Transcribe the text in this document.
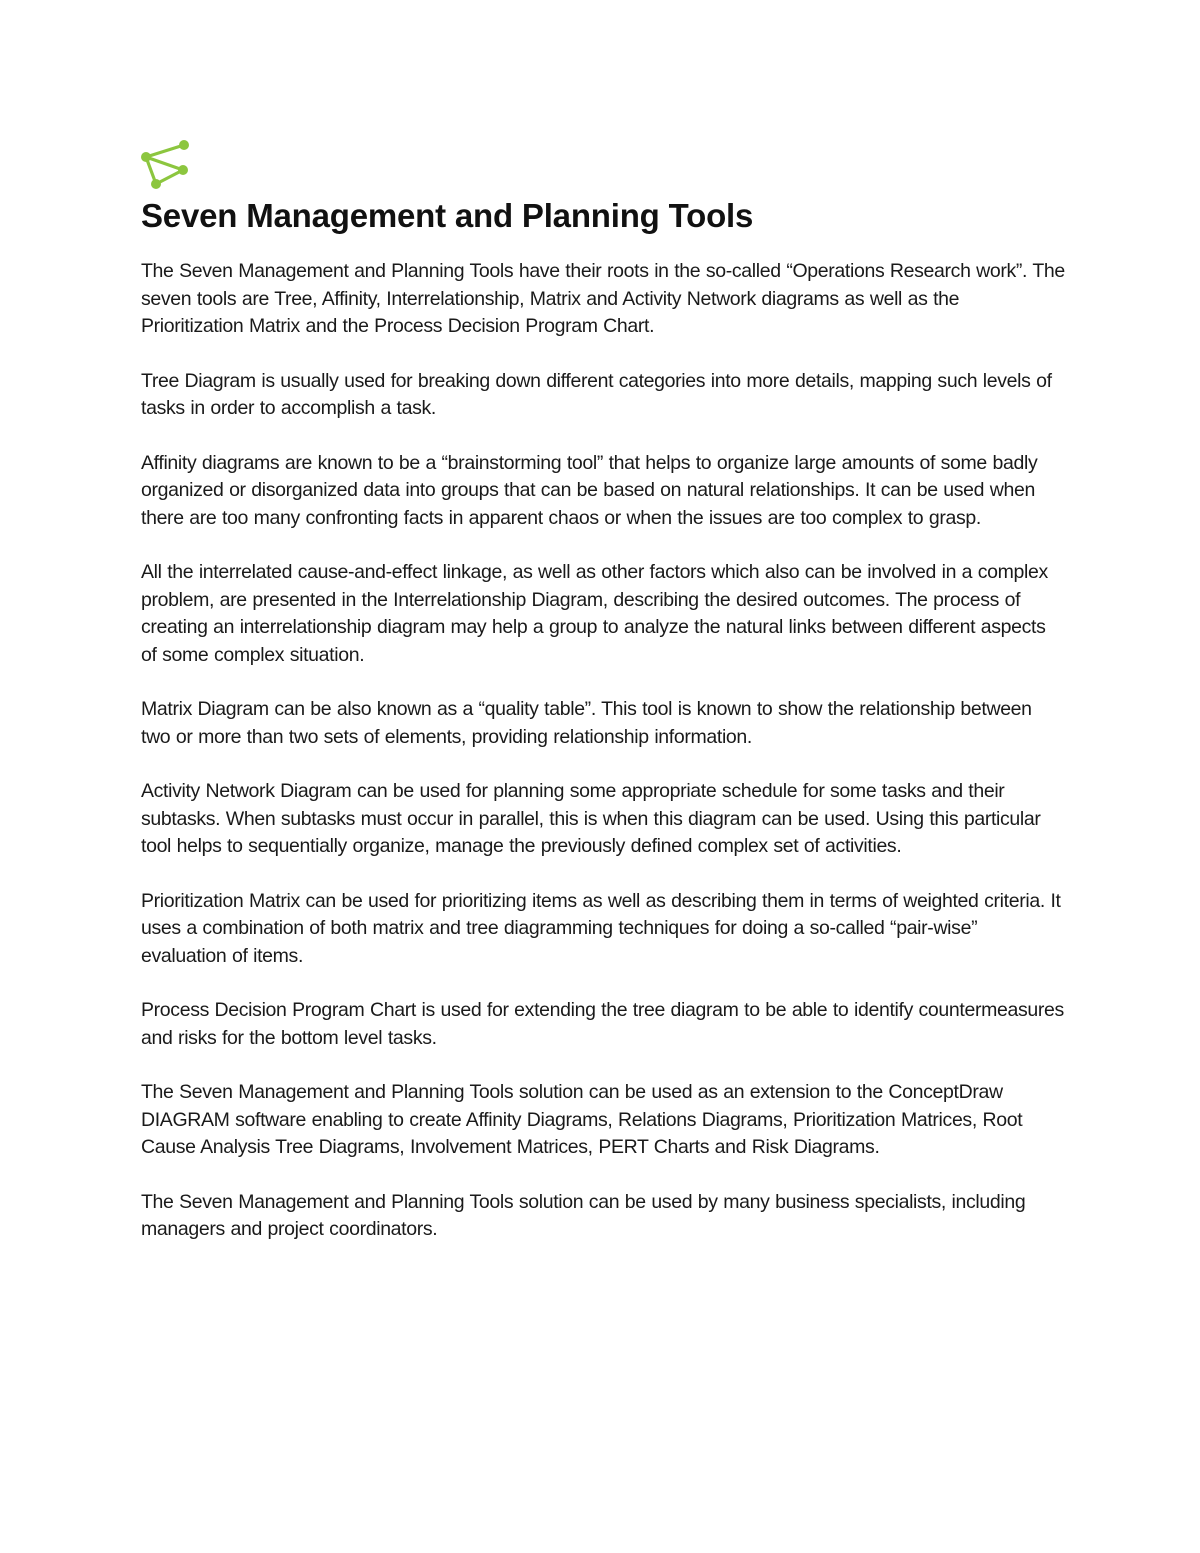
Seven Management and Planning Tools

The Seven Management and Planning Tools have their roots in the so-called “Operations Research work”. The seven tools are Tree, Affinity, Interrelationship, Matrix and Activity Network diagrams as well as the Prioritization Matrix and the Process Decision Program Chart.

Tree Diagram is usually used for breaking down different categories into more details, mapping such levels of tasks in order to accomplish a task.

Affinity diagrams are known to be a “brainstorming tool” that helps to organize large amounts of some badly organized or disorganized data into groups that can be based on natural relationships. It can be used when there are too many confronting facts in apparent chaos or when the issues are too complex to grasp.

All the interrelated cause-and-effect linkage, as well as other factors which also can be involved in a complex problem, are presented in the Interrelationship Diagram, describing the desired outcomes. The process of creating an interrelationship diagram may help a group to analyze the natural links between different aspects of some complex situation.

Matrix Diagram can be also known as a “quality table”. This tool is known to show the relationship between two or more than two sets of elements, providing relationship information.

Activity Network Diagram can be used for planning some appropriate schedule for some tasks and their subtasks. When subtasks must occur in parallel, this is when this diagram can be used. Using this particular tool helps to sequentially organize, manage the previously defined complex set of activities.

Prioritization Matrix can be used for prioritizing items as well as describing them in terms of weighted criteria. It uses a combination of both matrix and tree diagramming techniques for doing a so-called “pair-wise” evaluation of items.

Process Decision Program Chart is used for extending the tree diagram to be able to identify countermeasures and risks for the bottom level tasks.

The Seven Management and Planning Tools solution can be used as an extension to the ConceptDraw DIAGRAM software enabling to create Affinity Diagrams, Relations Diagrams, Prioritization Matrices, Root Cause Analysis Tree Diagrams, Involvement Matrices, PERT Charts and Risk Diagrams.

The Seven Management and Planning Tools solution can be used by many business specialists, including managers and project coordinators.
